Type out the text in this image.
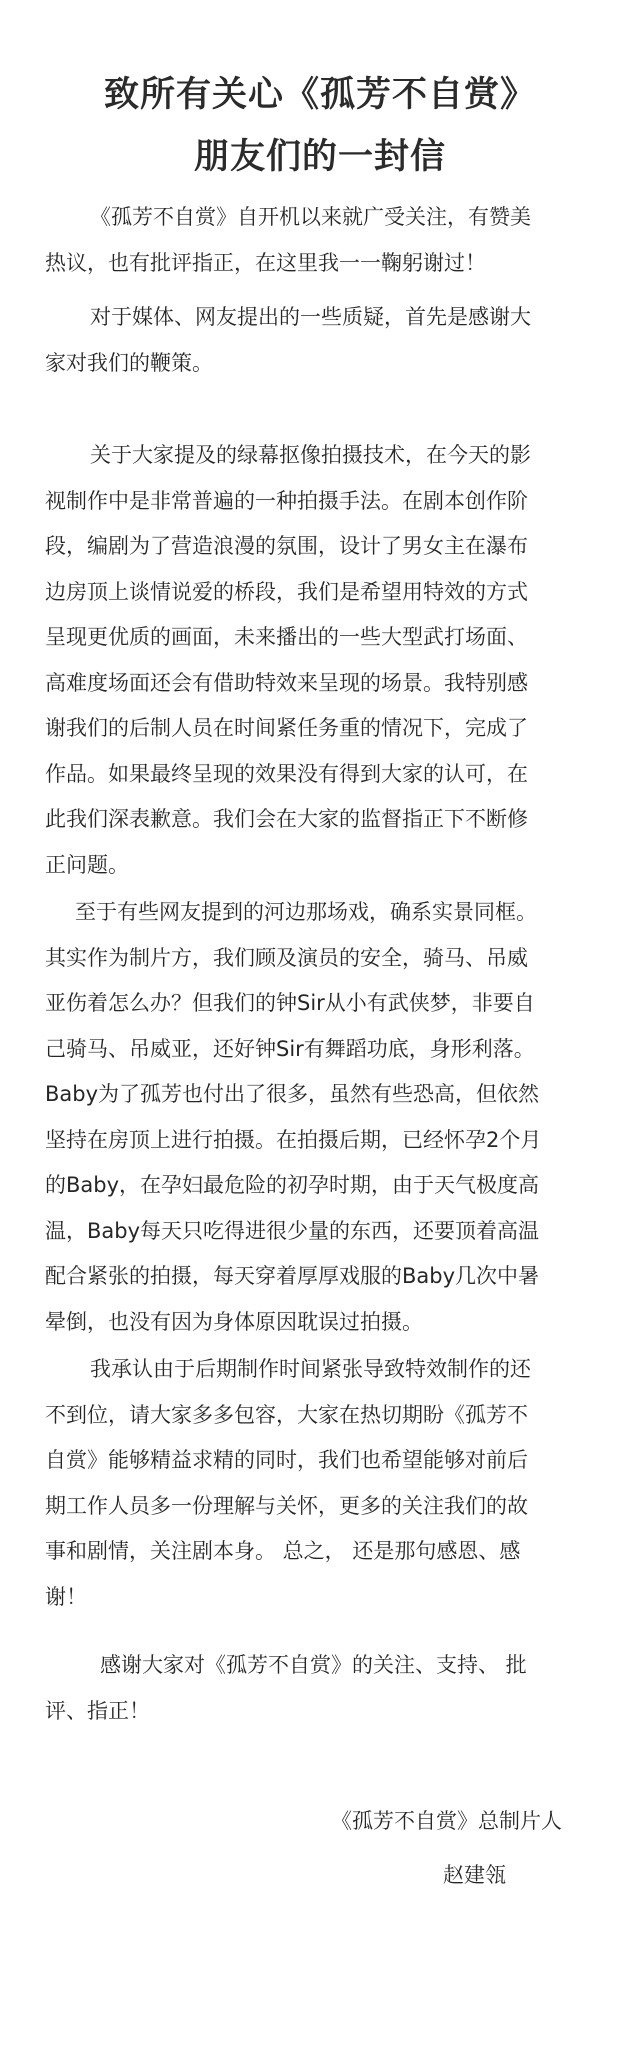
致所有关心《孤芳不自赏》
朋友们的一封信
《孤芳不自赏》自开机以来就广受关注，有赞美
热议，也有批评指正，在这里我一一鞠躬谢过！
对于媒体、网友提出的一些质疑，首先是感谢大
家对我们的鞭策。
关于大家提及的绿幕抠像拍摄技术，在今天的影
视制作中是非常普遍的一种拍摄手法。在剧本创作阶
段，编剧为了营造浪漫的氛围，设计了男女主在瀑布
边房顶上谈情说爱的桥段，我们是希望用特效的方式
呈现更优质的画面，未来播出的一些大型武打场面、
高难度场面还会有借助特效来呈现的场景。我特别感
谢我们的后制人员在时间紧任务重的情况下，完成了
作品。如果最终呈现的效果没有得到大家的认可，在
此我们深表歉意。我们会在大家的监督指正下不断修
正问题。
至于有些网友提到的河边那场戏，确系实景同框。
其实作为制片方，我们顾及演员的安全，骑马、吊威
亚伤着怎么办？但我们的钟Sir从小有武侠梦，非要自
己骑马、吊威亚，还好钟Sir有舞蹈功底，身形利落。
Baby为了孤芳也付出了很多，虽然有些恐高，但依然
坚持在房顶上进行拍摄。在拍摄后期，已经怀孕2个月
的Baby，在孕妇最危险的初孕时期，由于天气极度高
温，Baby每天只吃得进很少量的东西，还要顶着高温
配合紧张的拍摄，每天穿着厚厚戏服的Baby几次中暑
晕倒，也没有因为身体原因耽误过拍摄。
我承认由于后期制作时间紧张导致特效制作的还
不到位，请大家多多包容，大家在热切期盼《孤芳不
自赏》能够精益求精的同时，我们也希望能够对前后
期工作人员多一份理解与关怀，更多的关注我们的故
事和剧情，关注剧本身。 总之， 还是那句感恩、感
谢！
感谢大家对《孤芳不自赏》的关注、支持、 批
评、指正！
《孤芳不自赏》总制片人
赵建瓴
